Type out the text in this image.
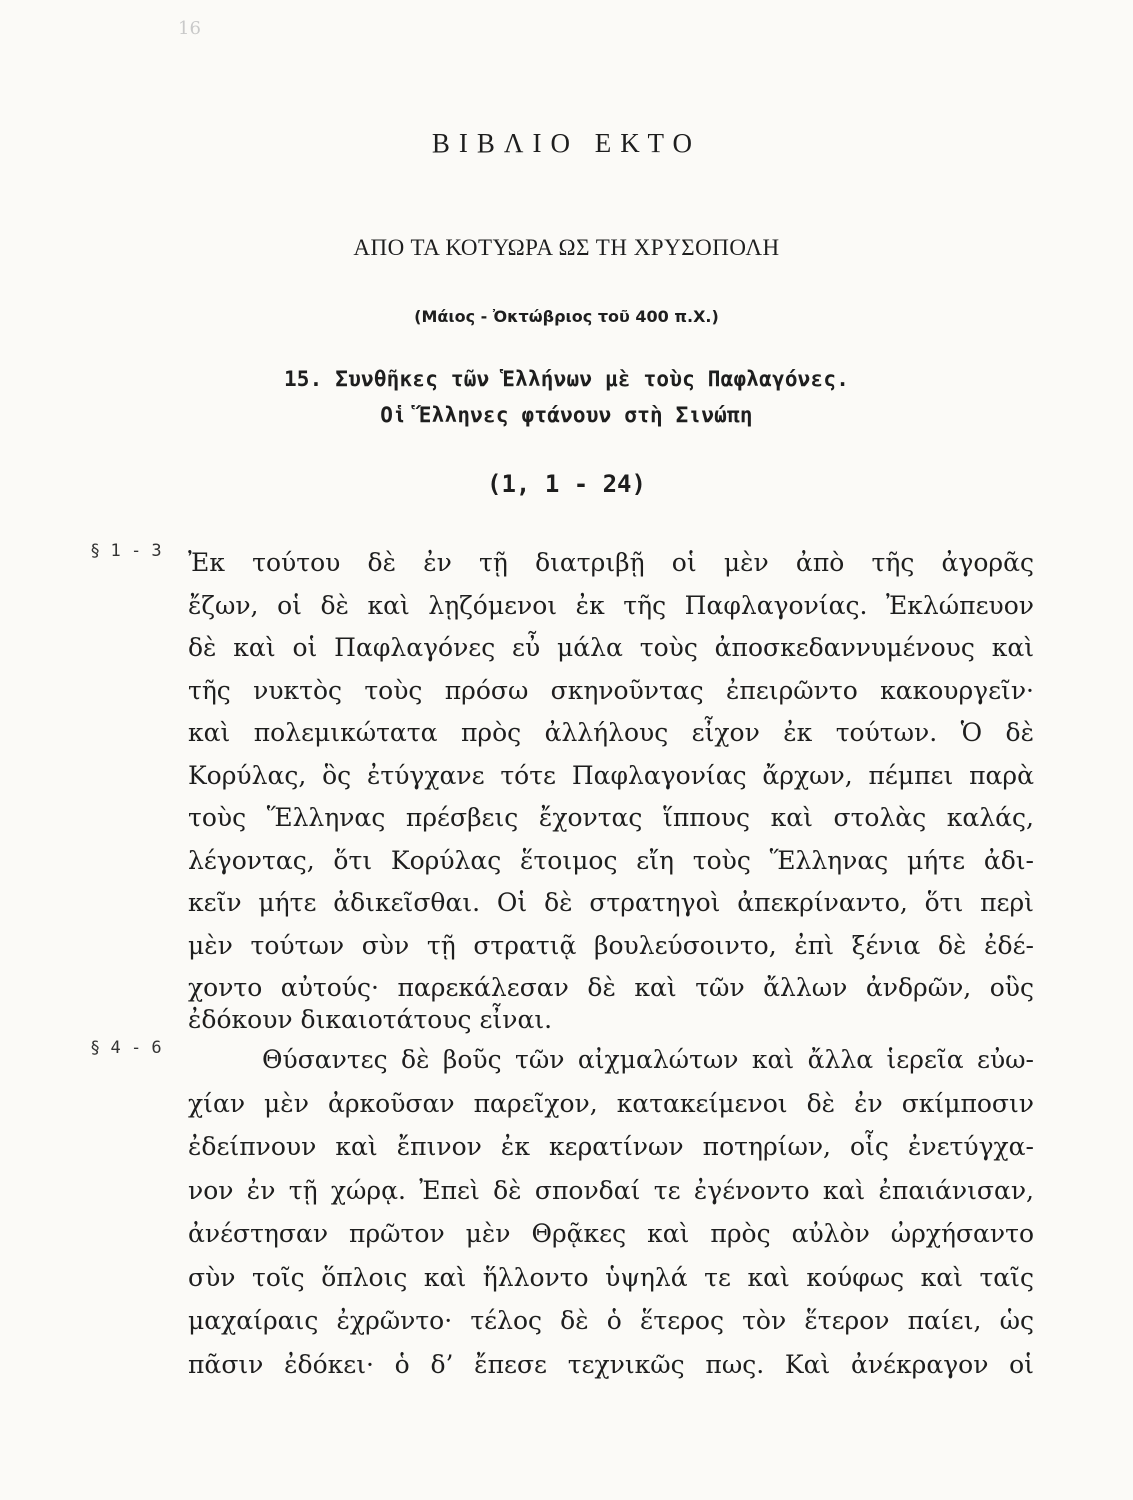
16
ΒΙΒΛΙΟ ΕΚΤΟ
ΑΠΟ ΤΑ ΚΟΤΥΩΡΑ ΩΣ ΤΗ ΧΡΥΣΟΠΟΛΗ
(Μάιος - Ὀκτώβριος τοῦ 400 π.Χ.)
15. Συνθῆκες τῶν Ἑλλήνων μὲ τοὺς Παφλαγόνες.
Οἱ Ἕλληνες φτάνουν στὴ Σινώπη
(1, 1 - 24)
§ 1 - 3
§ 4 - 6
Ἐκ τούτου δὲ ἐν τῇ διατριβῇ οἱ μὲν ἀπὸ τῆς ἀγορᾶς
ἔζων, οἱ δὲ καὶ λῃζόμενοι ἐκ τῆς Παφλαγονίας. Ἐκλώπευον
δὲ καὶ οἱ Παφλαγόνες εὖ μάλα τοὺς ἀποσκεδαννυμένους καὶ
τῆς νυκτὸς τοὺς πρόσω σκηνοῦντας ἐπειρῶντο κακουργεῖν·
καὶ πολεμικώτατα πρὸς ἀλλήλους εἶχον ἐκ τούτων. Ὁ δὲ
Κορύλας, ὃς ἐτύγχανε τότε Παφλαγονίας ἄρχων, πέμπει παρὰ
τοὺς Ἕλληνας πρέσβεις ἔχοντας ἵππους καὶ στολὰς καλάς,
λέγοντας, ὅτι Κορύλας ἕτοιμος εἴη τοὺς Ἕλληνας μήτε ἀδι-
κεῖν μήτε ἀδικεῖσθαι. Οἱ δὲ στρατηγοὶ ἀπεκρίναντο, ὅτι περὶ
μὲν τούτων σὺν τῇ στρατιᾷ βουλεύσοιντο, ἐπὶ ξένια δὲ ἐδέ-
χοντο αὐτούς· παρεκάλεσαν δὲ καὶ τῶν ἄλλων ἀνδρῶν, οὓς
ἐδόκουν δικαιοτάτους εἶναι.
Θύσαντες δὲ βοῦς τῶν αἰχμαλώτων καὶ ἄλλα ἱερεῖα εὐω-
χίαν μὲν ἀρκοῦσαν παρεῖχον, κατακείμενοι δὲ ἐν σκίμποσιν
ἐδείπνουν καὶ ἔπινον ἐκ κερατίνων ποτηρίων, οἷς ἐνετύγχα-
νον ἐν τῇ χώρᾳ. Ἐπεὶ δὲ σπονδαί τε ἐγένοντο καὶ ἐπαιάνισαν,
ἀνέστησαν πρῶτον μὲν Θρᾷκες καὶ πρὸς αὐλὸν ὠρχήσαντο
σὺν τοῖς ὅπλοις καὶ ἥλλοντο ὑψηλά τε καὶ κούφως καὶ ταῖς
μαχαίραις ἐχρῶντο· τέλος δὲ ὁ ἕτερος τὸν ἕτερον παίει, ὡς
πᾶσιν ἐδόκει· ὁ δ’ ἔπεσε τεχνικῶς πως. Καὶ ἀνέκραγον οἱ
